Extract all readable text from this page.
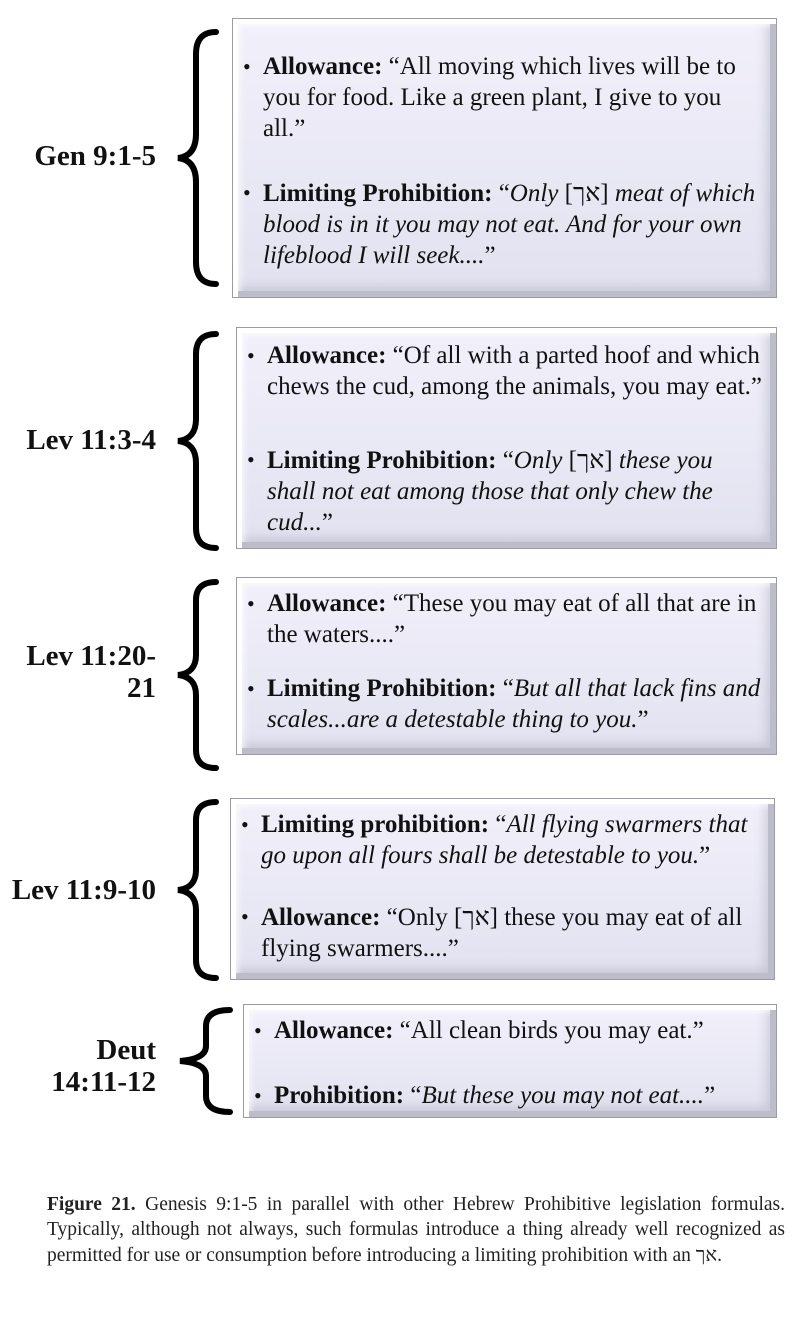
Gen 9:1-5
• Allowance: “All moving which lives will be to you for food. Like a green plant, I give to you all.”
• Limiting Prohibition: “Only [אך] meat of which blood is in it you may not eat. And for your own lifeblood I will seek....”
Lev 11:3-4
• Allowance: “Of all with a parted hoof and which chews the cud, among the animals, you may eat.”
• Limiting Prohibition: “Only [אך] these you shall not eat among those that only chew the cud...”
Lev 11:20-
21
• Allowance: “These you may eat of all that are in the waters....”
• Limiting Prohibition: “But all that lack fins and scales...are a detestable thing to you.”
Lev 11:9-10
• Limiting prohibition: “All flying swarmers that go upon all fours shall be detestable to you.”
• Allowance: “Only [אך] these you may eat of all flying swarmers....”
Deut
14:11-12
• Allowance: “All clean birds you may eat.”
• Prohibition: “But these you may not eat....”
Figure 21. Genesis 9:1-5 in parallel with other Hebrew Prohibitive legislation formulas. Typically, although not always, such formulas introduce a thing already well recognized as permitted for use or consumption before introducing a limiting prohibition with an אך.
